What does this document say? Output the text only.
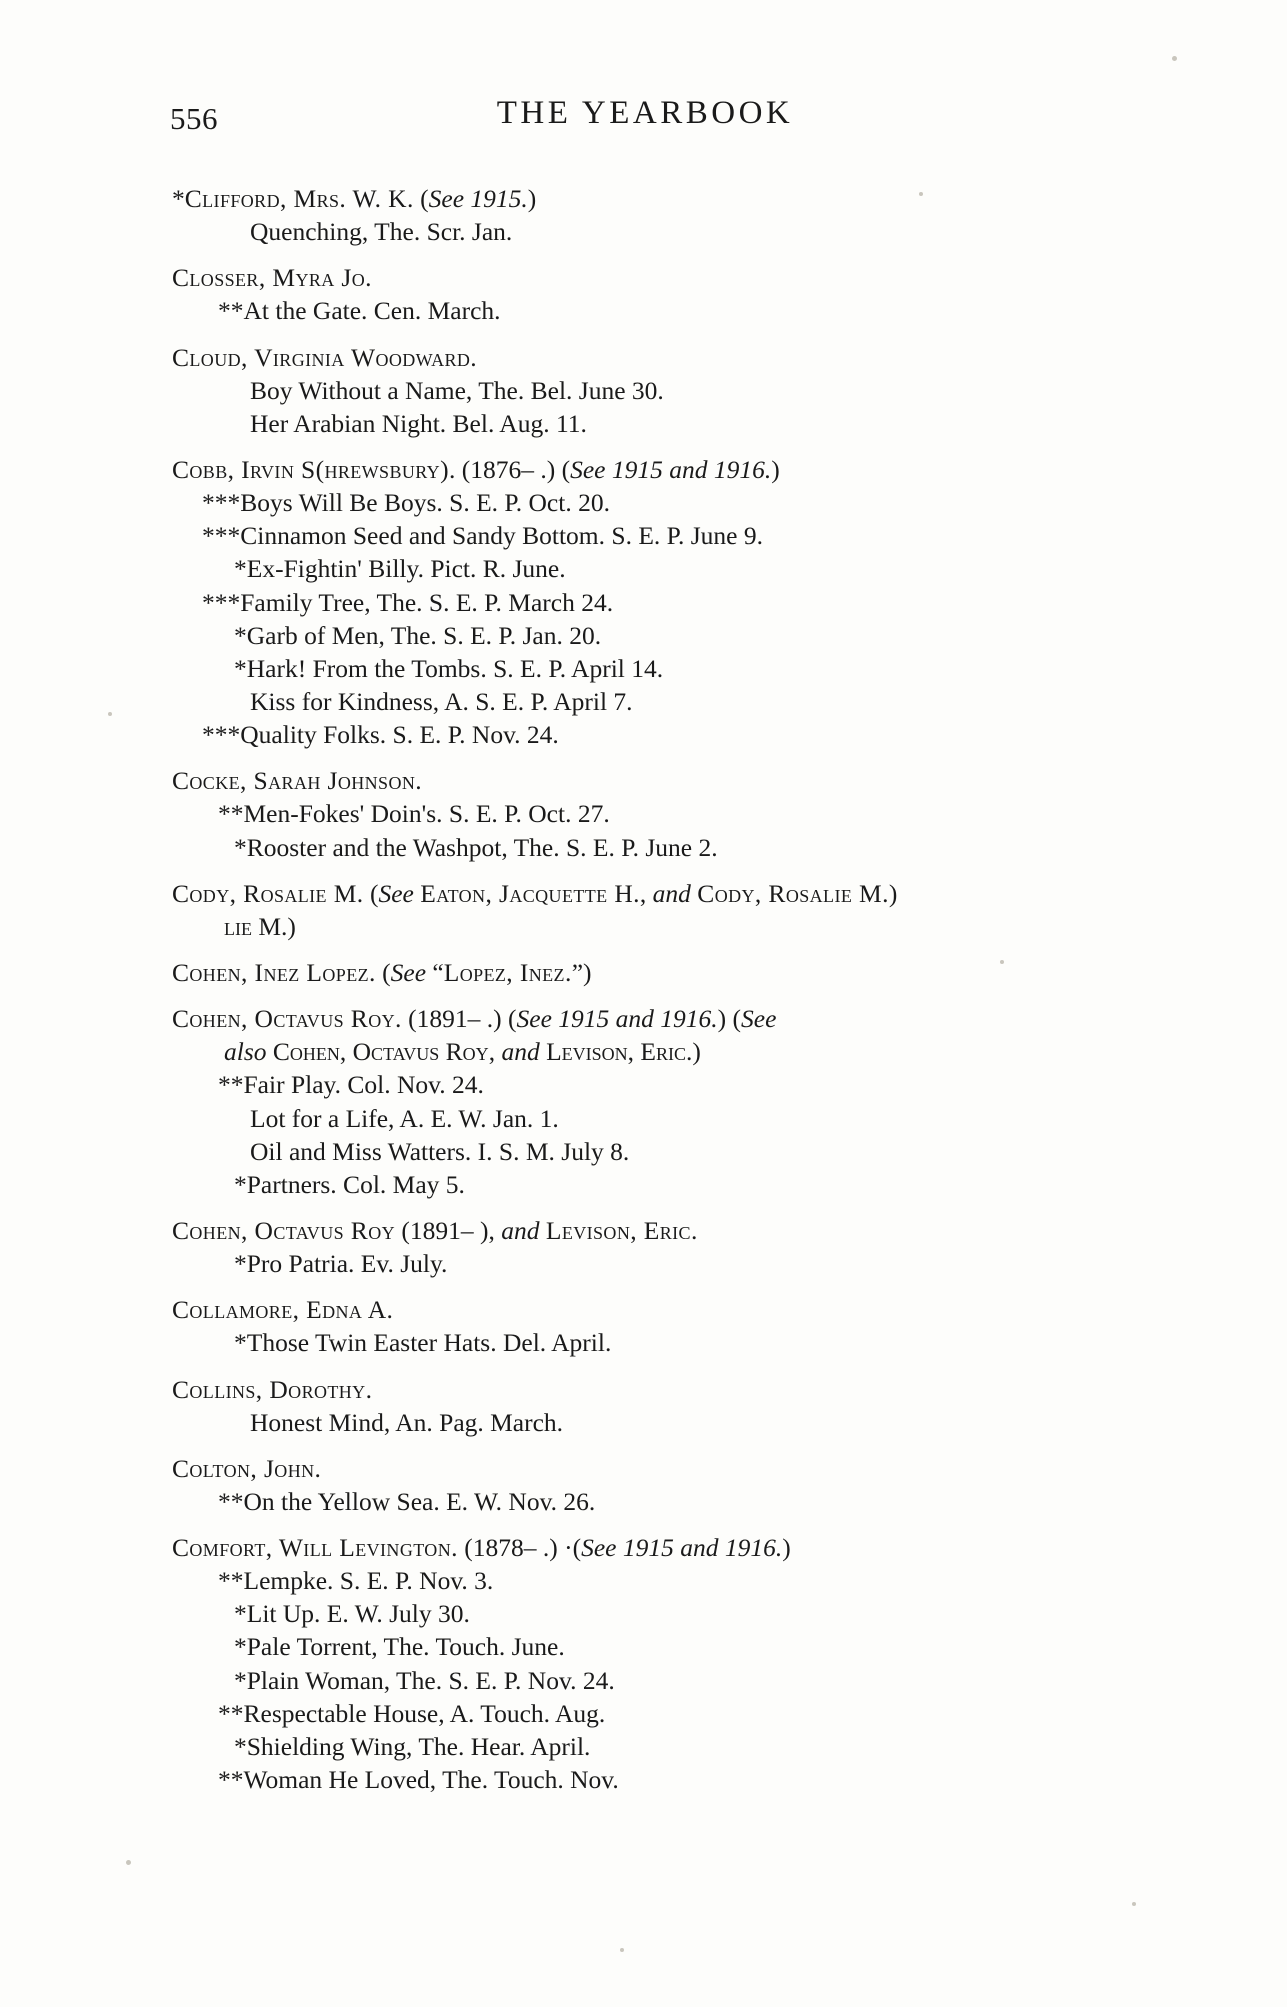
556	THE YEARBOOK
*Clifford, Mrs. W. K. (See 1915.)
Quenching, The. Scr. Jan.
Closser, Myra Jo.
**At the Gate. Cen. March.
Cloud, Virginia Woodward.
Boy Without a Name, The. Bel. June 30.
Her Arabian Night. Bel. Aug. 11.
Cobb, Irvin S(hrewsbury). (1876– .) (See 1915 and 1916.)
***Boys Will Be Boys. S. E. P. Oct. 20.
***Cinnamon Seed and Sandy Bottom. S. E. P. June 9.
*Ex-Fightin' Billy. Pict. R. June.
***Family Tree, The. S. E. P. March 24.
*Garb of Men, The. S. E. P. Jan. 20.
*Hark! From the Tombs. S. E. P. April 14.
Kiss for Kindness, A. S. E. P. April 7.
***Quality Folks. S. E. P. Nov. 24.
Cocke, Sarah Johnson.
**Men-Fokes' Doin's. S. E. P. Oct. 27.
*Rooster and the Washpot, The. S. E. P. June 2.
Cody, Rosalie M. (See Eaton, Jacquette H., and Cody, Rosalie M.)
lie M.)
Cohen, Inez Lopez. (See “Lopez, Inez.”)
Cohen, Octavus Roy. (1891– .) (See 1915 and 1916.) (See
also Cohen, Octavus Roy, and Levison, Eric.)
**Fair Play. Col. Nov. 24.
Lot for a Life, A. E. W. Jan. 1.
Oil and Miss Watters. I. S. M. July 8.
*Partners. Col. May 5.
Cohen, Octavus Roy (1891– ), and Levison, Eric.
*Pro Patria. Ev. July.
Collamore, Edna A.
*Those Twin Easter Hats. Del. April.
Collins, Dorothy.
Honest Mind, An. Pag. March.
Colton, John.
**On the Yellow Sea. E. W. Nov. 26.
Comfort, Will Levington. (1878– .) ·(See 1915 and 1916.)
**Lempke. S. E. P. Nov. 3.
*Lit Up. E. W. July 30.
*Pale Torrent, The. Touch. June.
*Plain Woman, The. S. E. P. Nov. 24.
**Respectable House, A. Touch. Aug.
*Shielding Wing, The. Hear. April.
**Woman He Loved, The. Touch. Nov.
